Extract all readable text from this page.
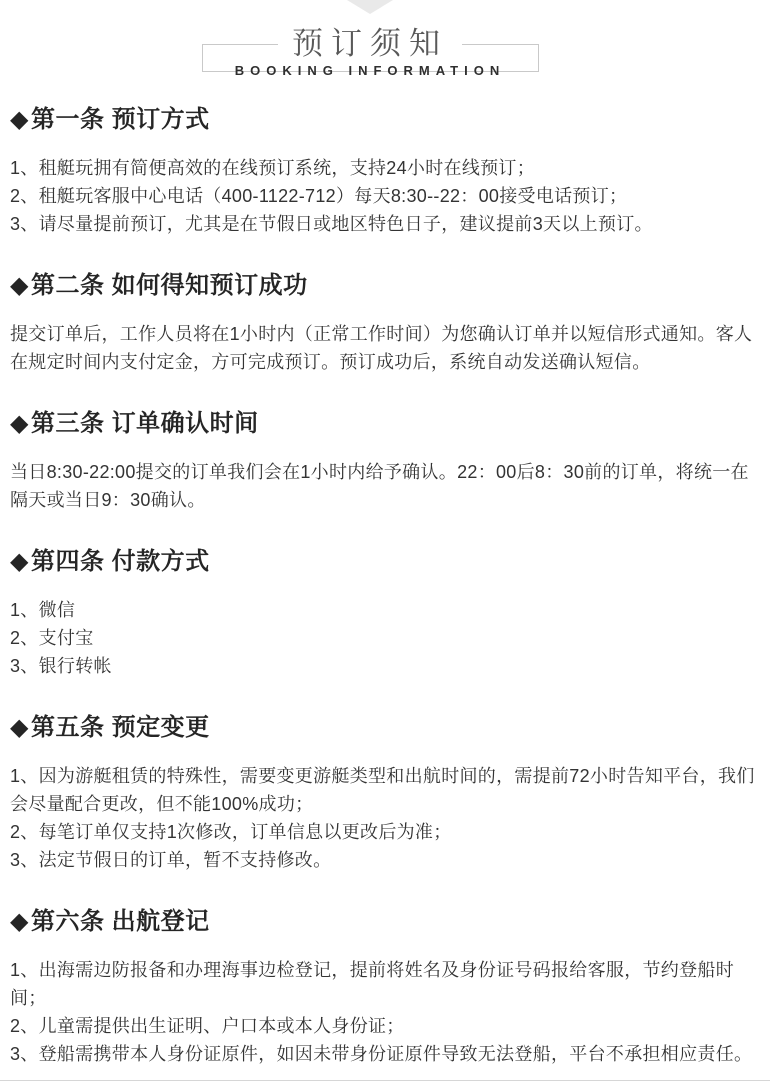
预订须知
BOOKING INFORMATION
◆第一条 预订方式

1、租艇玩拥有简便高效的在线预订系统，支持24小时在线预订；

2、租艇玩客服中心电话（400-1122-712）每天8:30--22：00接受电话预订；

3、请尽量提前预订，尤其是在节假日或地区特色日子，建议提前3天以上预订。

◆第二条 如何得知预订成功

提交订单后，工作人员将在1小时内（正常工作时间）为您确认订单并以短信形式通知。客人在规定时间内支付定金，方可完成预订。预订成功后，系统自动发送确认短信。

◆第三条 订单确认时间

当日8:30-22:00提交的订单我们会在1小时内给予确认。22：00后8：30前的订单，将统一在隔天或当日9：30确认。

◆第四条 付款方式

1、微信

2、支付宝

3、银行转帐

◆第五条 预定变更

1、因为游艇租赁的特殊性，需要变更游艇类型和出航时间的，需提前72小时告知平台，我们会尽量配合更改，但不能100%成功；

2、每笔订单仅支持1次修改，订单信息以更改后为准；

3、法定节假日的订单，暂不支持修改。

◆第六条 出航登记

1、出海需边防报备和办理海事边检登记，提前将姓名及身份证号码报给客服，节约登船时间；

2、儿童需提供出生证明、户口本或本人身份证；

3、登船需携带本人身份证原件，如因未带身份证原件导致无法登船，平台不承担相应责任。
